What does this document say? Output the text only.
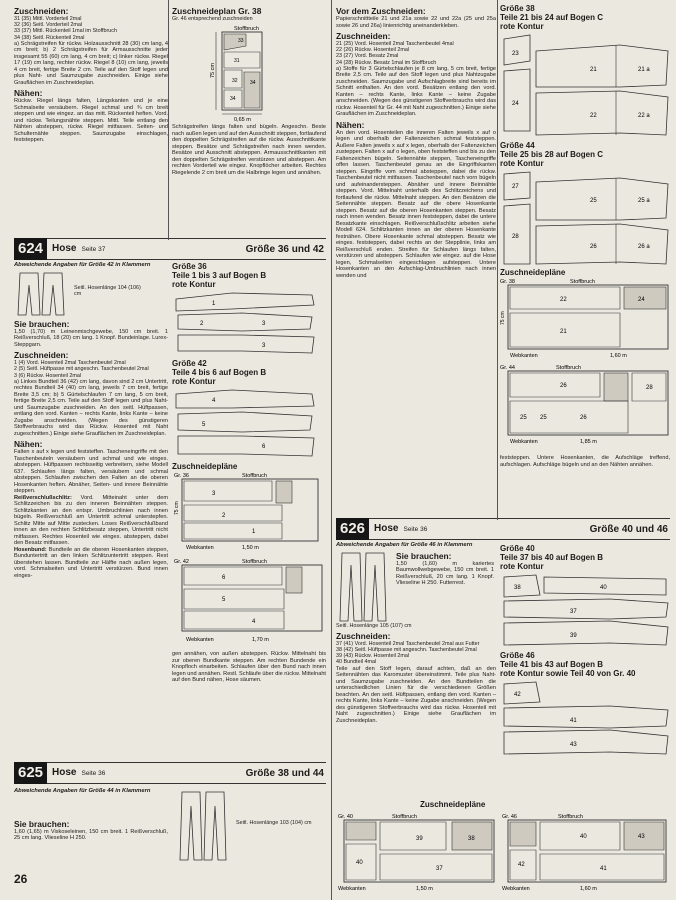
Zuschneiden:
31 (35) Mittl. Vorderteil 2mal
32 (36) Seitl. Vorderteil 2mal
33 (37) Mittl. Rückenteil 1mal im Stoffbruch
34 (38) Seitl. Rückenteil 2mal
a) Schrägstreifen für rückw. Holzausschnitt 28 (30) cm lang, 4 cm breit; b) 2 Schrägstreifen für Armausschnitte jeder insgesamt 55 (60) cm lang, 4 cm breit; c) linker rückw. Riegel 17 (19) cm lang, rechter rückw. Riegel 8 (10) cm lang, jeweils 4 cm breit, fertige Breite 2 cm. Teile auf den Stoff legen und plus Naht- und Saumzugabe zuschneiden. Einige siehe Grauflächen im Zuschneideplan.
Nähen:
Rückw. Riegel längs falten, Längskanten und je eine Schmalseite versäubern. Riegel schmal und ¾ cm breit steppen und wie eingez. an das mitt. Rückenteil heften. Vord. und rückw. Teilungsnähte steppen. Mittl. Teile entlang den Nähten absteppen, rückw. Riegel mitfassen. Seiten- und Schulternähte steppen. Saumzugabe einschlagen, feststeppen.
624 Hose Seite 37	Größe 36 und 42
Abweichende Angaben für Größe 42 in Klammern
Seitl. Hosenlänge 104 (106) cm
Sie brauchen:
1,50 (1,70) m Leinenmischgewebe, 150 cm breit. 1 Reißverschluß, 18 (20) cm lang. 1 Knopf. Bundeinlage. Lurex-Steppgarn.
Zuschneiden:
1 (4) Vord. Hosenteil 2mal Taschenbeutel 2mal
2 (5) Seitl. Hüftpasse mit angeschn. Taschenbeutel 2mal
3 (6) Rückw. Hosenteil 2mal
a) Linkes Bundteil 36 (42) cm lang, davon sind 2 cm Untertritt, rechtes Bundteil 34 (40) cm lang, jeweils 7 cm breit, fertige Breite 3,5 cm; b) 5 Gürtelschlaufen 7 cm lang, 5 cm breit, fertige Breite 2,5 cm. Teile auf den Stoff legen und plus Naht- und Saumzugabe zuschneiden. An den seitl. Hüftpassen, entlang den vord. Kanten – rechts Kante, links Kante – keine Zugabe anschneiden. (Wegen des günstigeren Stoffverbrauchs wird das Rückw. Hosenteil mit Naht zugeschnitten.) Einige siehe Grauflächen im Zuschneideplan.
Nähen:
Falten x auf x legen und feststeffen. Tascheneingriffe mit den Taschenbeuteln versäubern und schmal und wie einges. absteppen. Hüftpassen rechtsseitig verbreitern, siehe Modell 637. Schlaufen längs falten, versäubern und schmal absteppen. Schlaufen zwischen den Falten an die oberen Hosenkanten heften. Abnäher, Seiten- und innere Beinnähte steppen.
Reißverschlußschlitz: Vord. Mitteinaht unter dem Schlitzzeichen bis zu den inneren Beinnähten steppen. Schlitzkanten an den entspr. Umbruchlinien nach innen bügeln. Reißverschluß am Untertritt schmal unterstepfen. Schlitz Mitte auf Mitte zustecken. Loses Reißverschlußband innen an den rechten Schlitzbesatz steppen, Untertritt nicht mitfassen. Rechtes Hosenteil wie einges. absteppen, dabei den Besatz mitfassen.
Hosenbund: Bundteile an die oberen Hosenkanten steppen, Bunduntertritt an den linken Schlitzuntertritt steppen. Rest überstehen lassen. Bundteile zur Hälfte nach außen legen, vord. Schmalseiten und Untertritt verstürzen. Bund innen einges-
625 Hose Seite 36	Größe 38 und 44
Abweichende Angaben für Größe 44 in Klammern
Sie brauchen:
1,60 (1,65) m Viskoseleinen, 150 cm breit. 1 Reißverschluß, 25 cm lang. Vlieseline H 250.
Seitl. Hosenlänge 103 (104) cm
26
Zuschneideplan Gr. 38
Gr. 46 entsprechend zuschneiden
Stoffbruch
33
31
32 34
34
75 cm
0,65 m
Schrägstreifen längs falten und bügeln. Angeschn. Beste nach außen legen und auf den Ausschnitt steppen, fortlaufend den doppelten Schrägstreifen auf die rückw. Ausschnittkante steppen. Besätze und Schrägstreifen nach innen wenden. Besätze und Ausschnitt absteppen. Armausschnittkanten mit den doppelten Schrägstreifen verstürzen und absteppen. Am rechten Vorderteil wie eingez. Knopflöcher arbeiten. Rechtes Riegelende 2 cm breit um die Halbringe legen und annähen.
Größe 36
Teile 1 bis 3 auf Bogen B
rote Kontur
1
2	3
3
Größe 42
Teile 4 bis 6 auf Bogen B
rote Kontur
4
5
6
Zuschneidepläne
Gr. 36	Stoffbruch
3
2
1
75 cm
Webkanten	1,50 m
Gr. 42	Stoffbruch
6
5
4
Webkanten	1,70 m
gen annähen, von außen absteppen. Rückw. Mittelnaht bis zur oberen Bundkante steppen. Am rechten Bundende ein Knopfloch einarbeiten. Schlaufen über den Bund nach innen legen und annähen. Restl. Schläufe über die rückw. Mittelnaht auf den Bund nähen, Hose säumen.
Vor dem Zuschneiden:
Papierschnittteile 21 und 21a sowie 22 und 22a (25 und 25a sowie 26 und 26a) linienrichtig aneinanderkleben.
Zuschneiden:
21 (25) Vord. Hosenteil 2mal Taschenbeutel 4mal
22 (26) Rückw. Hosenteil 2mal
23 (27) Vord. Besatz 2mal
24 (28) Rückw. Besatz 1mal im Stoffbruch
a) Stoffe für 3 Gürtelschlaufen je 8 cm lang, 5 cm breit, fertige Breite 2,5 cm. Teile auf den Stoff legen und plus Nahtzugabe zuschneiden. Saumzugabe und Aufschlagbreite sind bereits im Schnitt enthalten. An den vord. Besätzen entlang den vord. Kanten – rechts Kante, links Kante – keine Zugabe anschneiden. (Wegen des günstigeren Stoffverbrauchs wird das rückw. Hosenteil für Gr. 44 mit Naht zugeschnitten.) Einige siehe Grauflächen im Zuschneideplan.
Nähen:
An den vord. Hosenteilen die inneren Falten jeweils x auf o legen und oberhalb der Faltenzeichen schmal feststeppen. Äußere Falten jeweils x auf x legen, oberhalb der Faltenzeichen zusteppen. Falten x auf o legen, oben feststeffen und bis zu den Faltenzeichen bügeln. Seitennähte steppen, Tascheneingriffe offen lassen. Taschenbeutel genau an die Eingriffskanten steppen. Eingriffe vom schmal absteppen, dabei die rückw. Taschenbeutel nicht mitfassen. Taschenbeutel nach vorn bügeln und aufeinandersteppen. Abnäher und innere Beinnähte steppen. Vord. Mittelnaht unterhalb des Schlitzzeichens und fortlaufend die rückw. Mittelnaht steppen. An den Besätzen die Seitennähte steppen. Besatz auf die obere Hosenkante steppen. Besatz auf die oberen Hosenkanten steppen. Besatz nach innen wenden. Besatz innen feststeppen, dabei die untere Besatzkante einschlagen. Reißverschlußschlitz arbeiten siehe Modell 624. Schlitzkanten innen an der oberen Hosenkante festnähen. Obere Hosenkante schmal absteppen. Besatz wie einges. feststeppen, dabei rechts an der Stepplinie, links am Reißverschluß enden. Streifen für Schlaufen längs falten, verstürzen und absteppen. Schlaufen wie eingez. auf die Hose legen, Schmalseiten eingeschlagen aufsteppen. Untere Hosenkanten an den Aufschlag-Umbruchlinien nach innen wenden und
626 Hose Seite 36	Größe 40 und 46
Abweichende Angaben für Größe 46 in Klammern
Sie brauchen:
1,50 (1,60) m kariertes Baumwollwebgewebe, 150 cm breit. 1 Reißverschluß, 20 cm lang. 1 Knopf. Vlieseline H 250. Futterrest.
Seitl. Hosenlänge 105 (107) cm
Zuschneiden:
37 (41) Vord. Hosenteil 2mal Taschenbeutel 2mal aus Futter
38 (42) Seitl. Hüftpasse mit angeschn. Taschenbeutel 2mal
39 (43) Rückw. Hosenteil 2mal
40 Bundteil 4mal
Teile auf den Stoff legen, darauf achten, daß an den Seitennähten das Karomuster übereinstimmt. Teile plus Naht- und Saumzugabe zuschneiden. An den Bundteilen die unterschiedlichen Linien für die verschiedenen Größen beachten. An den seitl. Hüftpassen, entlang den vord. Kanten – rechts Kante, links Kante – keine Zugabe anschneiden. (Wegen des günstigeren Stoffverbrauchs wird das rückw. Hosenteil mit Naht zugeschnitten.) Einige siehe Grauflächen im Zuschneideplan.
Zuschneidepläne
Gr. 40	Stoffbruch
39
40
37
38
Webkanten	1,50 m
Größe 38
Teile 21 bis 24 auf Bogen C
rote Kontur
23
24
21	21 a
22	22 a
Größe 44
Teile 25 bis 28 auf Bogen C
rote Kontur
27
28
25	25 a
26	26 a
Zuschneidepläne
Gr. 38	Stoffbruch
22
21
24
75 cm
Webkanten	1,60 m
Gr. 44	Stoffbruch
25 25	26
26	28
Webkanten	1,85 m
feststeppen. Untere Hosenkanten, die Aufschläge treffend, aufschlagen. Aufschläge bügeln und an den Nähten annähen.
Größe 40
Teile 37 bis 40 auf Bogen B
rote Kontur
38	40
37
39
Größe 46
Teile 41 bis 43 auf Bogen B
rote Kontur sowie Teil 40 von Gr. 40
42
41
43
Gr. 46	Stoffbruch
40	43
42
41
Webkanten	1,60 m
